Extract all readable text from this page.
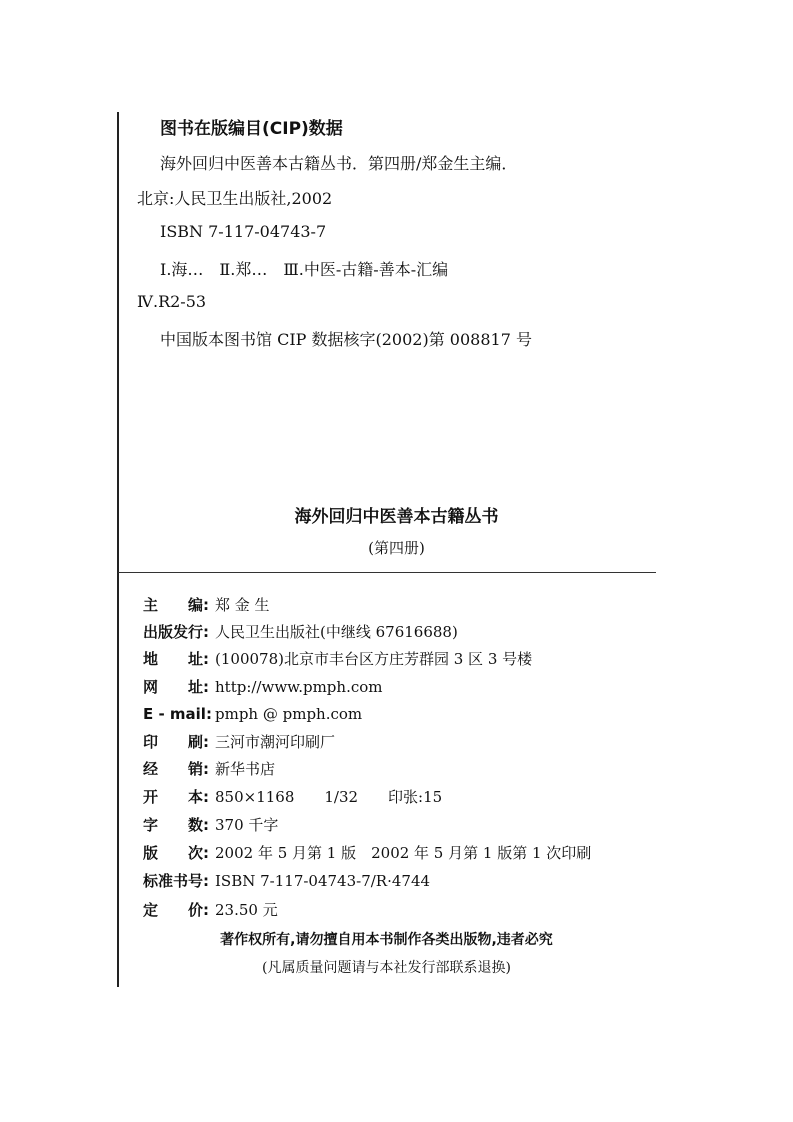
图书在版编目(CIP)数据
海外回归中医善本古籍丛书．第四册/郑金生主编．
北京:人民卫生出版社,2002
ISBN 7-117-04743-7
Ⅰ.海…　Ⅱ.郑…　Ⅲ.中医-古籍-善本-汇编
Ⅳ.R2-53
中国版本图书馆 CIP 数据核字(2002)第 008817 号
海外回归中医善本古籍丛书
(第四册)
主　　编: 郑 金 生
出版发行: 人民卫生出版社(中继线 67616688)
地　　址: (100078)北京市丰台区方庄芳群园 3 区 3 号楼
网　　址: http://www.pmph.com
E - mail: pmph @ pmph.com
印　　刷: 三河市潮河印刷厂
经　　销: 新华书店
开　　本: 850×1168　　1/32　　印张:15
字　　数: 370 千字
版　　次: 2002 年 5 月第 1 版　2002 年 5 月第 1 版第 1 次印刷
标准书号: ISBN 7-117-04743-7/R·4744
定　　价: 23.50 元
著作权所有,请勿擅自用本书制作各类出版物,违者必究
(凡属质量问题请与本社发行部联系退换)
